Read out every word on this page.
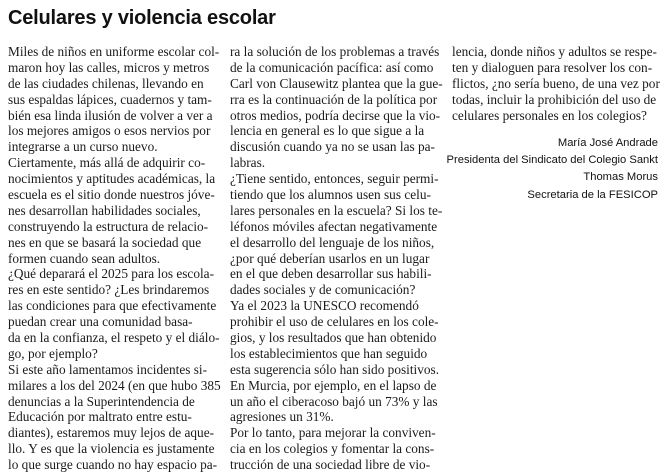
Celulares y violencia escolar
Miles de niños en uniforme escolar col-
maron hoy las calles, micros y metros
de las ciudades chilenas, llevando en
sus espaldas lápices, cuadernos y tam-
bién esa linda ilusión de volver a ver a
los mejores amigos o esos nervios por
integrarse a un curso nuevo.
Ciertamente, más allá de adquirir co-
nocimientos y aptitudes académicas, la
escuela es el sitio donde nuestros jóve-
nes desarrollan habilidades sociales,
construyendo la estructura de relacio-
nes en que se basará la sociedad que
formen cuando sean adultos.
¿Qué deparará el 2025 para los escola-
res en este sentido? ¿Les brindaremos
las condiciones para que efectivamente
puedan crear una comunidad basa-
da en la confianza, el respeto y el diálo-
go, por ejemplo?
Si este año lamentamos incidentes si-
milares a los del 2024 (en que hubo 385
denuncias a la Superintendencia de
Educación por maltrato entre estu-
diantes), estaremos muy lejos de aque-
llo. Y es que la violencia es justamente
lo que surge cuando no hay espacio pa-
ra la solución de los problemas a través
de la comunicación pacífica: así como
Carl von Clausewitz plantea que la gue-
rra es la continuación de la política por
otros medios, podría decirse que la vio-
lencia en general es lo que sigue a la
discusión cuando ya no se usan las pa-
labras.
¿Tiene sentido, entonces, seguir permi-
tiendo que los alumnos usen sus celu-
lares personales en la escuela? Si los te-
léfonos móviles afectan negativamente
el desarrollo del lenguaje de los niños,
¿por qué deberían usarlos en un lugar
en el que deben desarrollar sus habili-
dades sociales y de comunicación?
Ya el 2023 la UNESCO recomendó
prohibir el uso de celulares en los cole-
gios, y los resultados que han obtenido
los establecimientos que han seguido
esta sugerencia sólo han sido positivos.
En Murcia, por ejemplo, en el lapso de
un año el ciberacoso bajó un 73% y las
agresiones un 31%.
Por lo tanto, para mejorar la conviven-
cia en los colegios y fomentar la cons-
trucción de una sociedad libre de vio-
lencia, donde niños y adultos se respe-
ten y dialoguen para resolver los con-
flictos, ¿no sería bueno, de una vez por
todas, incluir la prohibición del uso de
celulares personales en los colegios?
María José Andrade
Presidenta del Sindicato del Colegio Sankt
Thomas Morus
Secretaria de la FESICOP
